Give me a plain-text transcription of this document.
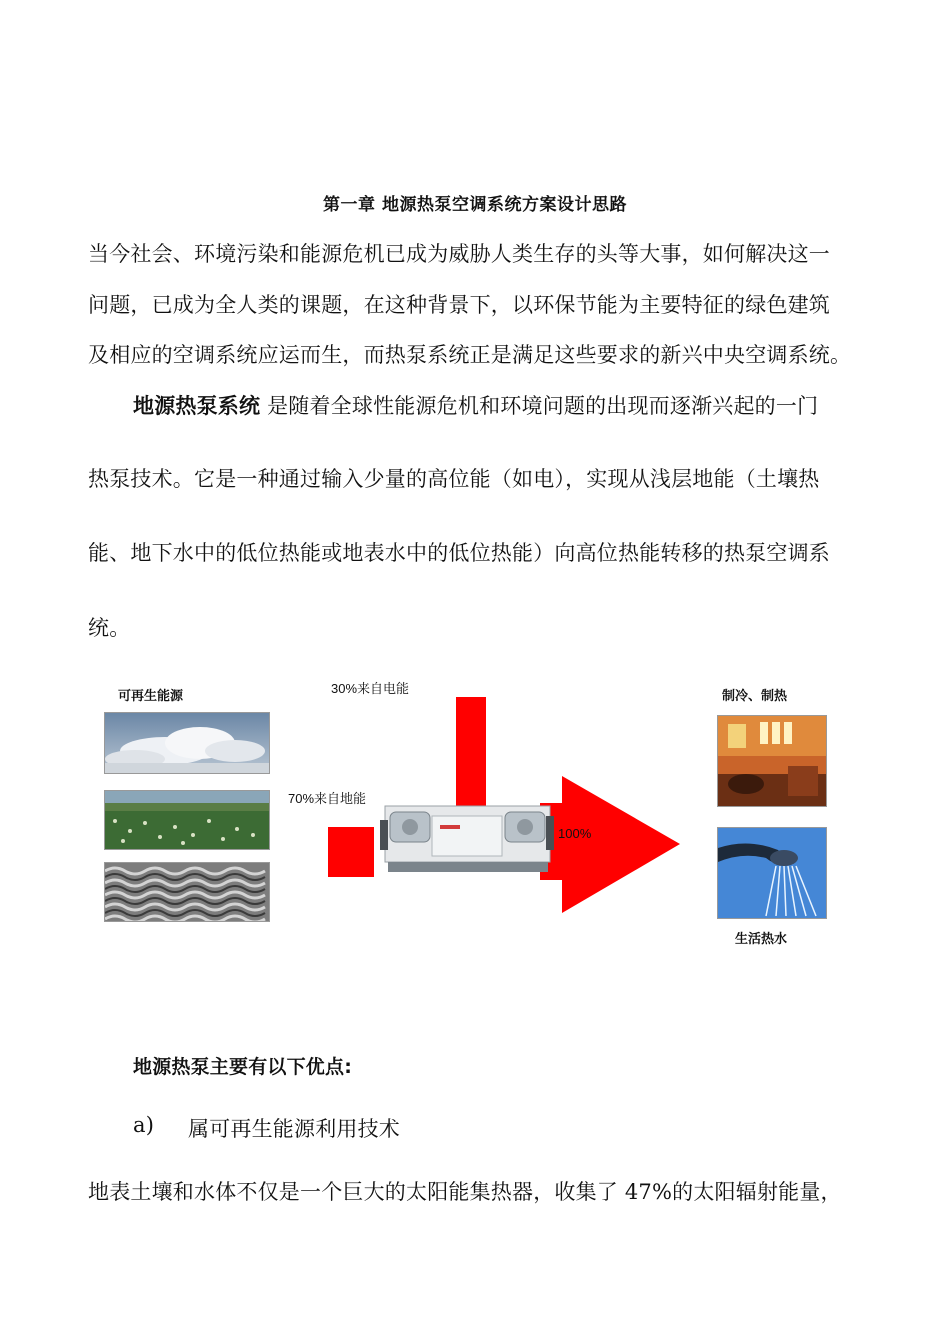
第一章 地源热泵空调系统方案设计思路
当今社会、环境污染和能源危机已成为威胁人类生存的头等大事，如何解决这一
问题，已成为全人类的课题，在这种背景下，以环保节能为主要特征的绿色建筑
及相应的空调系统应运而生，而热泵系统正是满足这些要求的新兴中央空调系统。
地源热泵系统 是随着全球性能源危机和环境问题的出现而逐渐兴起的一门
热泵技术。它是一种通过输入少量的高位能（如电），实现从浅层地能（土壤热
能、地下水中的低位热能或地表水中的低位热能）向高位热能转移的热泵空调系
统。
可再生能源
30%来自电能
70%来自地能
100%
制冷、制热
生活热水
地源热泵主要有以下优点:
a) 属可再生能源利用技术
地表土壤和水体不仅是一个巨大的太阳能集热器，收集了 47%的太阳辐射能量，
